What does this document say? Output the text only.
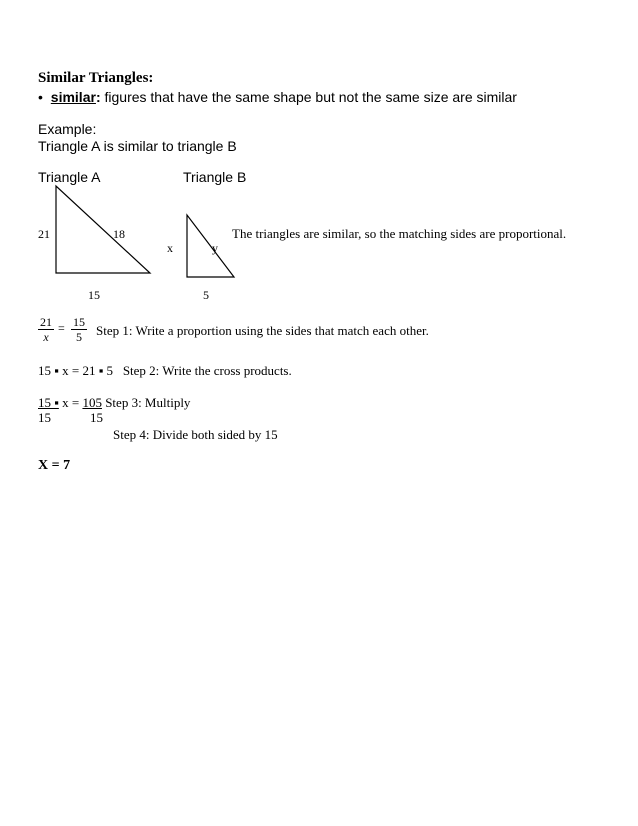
Similar Triangles:
• similar: figures that have the same shape but not the same size are similar
Example:
Triangle A is similar to triangle B
Triangle A	Triangle B
21	18
15
x	y
5
The triangles are similar, so the matching sides are proportional.
$\frac{21}{x} = \frac{15}{5}$ Step 1: Write a proportion using the sides that match each other.
15 ▪ x = 21 ▪ 5 Step 2: Write the cross products.
15 ▪ x = 105 Step 3: Multiply
15	15
Step 4: Divide both sided by 15
X = 7
